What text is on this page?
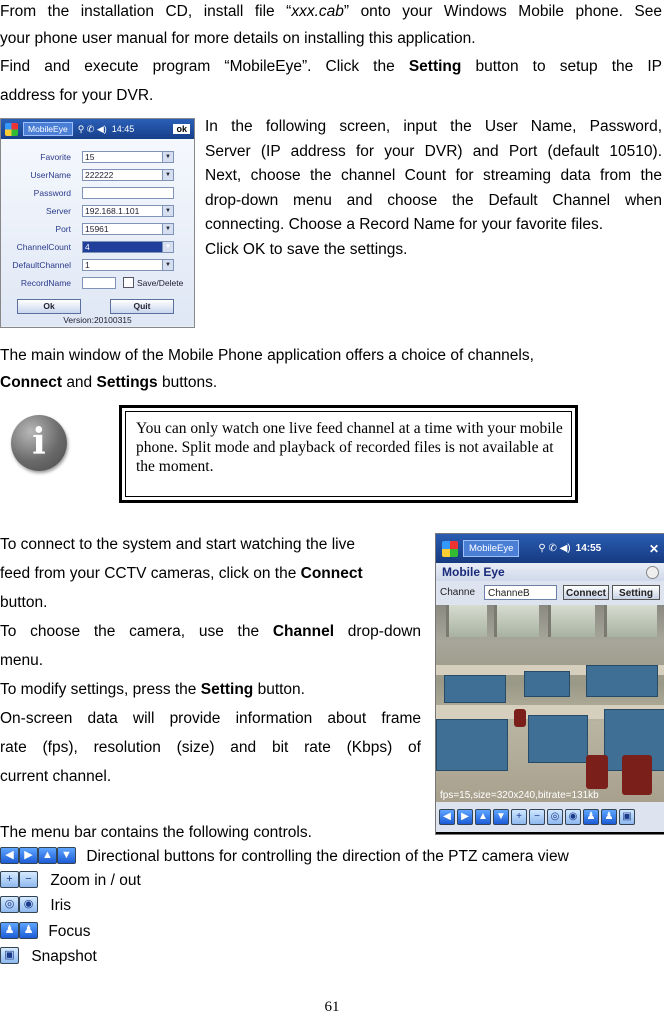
From the installation CD, install file “xxx.cab” onto your Windows Mobile phone. See

your phone user manual for more details on installing this application.

Find and execute program “MobileEye”. Click the Setting button to setup the IP

address for your DVR.

MobileEye	⚲ ✆ ◀) 14:45	ok
Favorite	15	▼
UserName	222222	▼
Password
Server	192.168.1.101	▼
Port	15961	▼
ChannelCount	4	▼
DefaultChannel	1	▼
RecordName	Save/Delete
Ok	Quit
Version:20100315

In the following screen, input the User Name, Password,

Server (IP address for your DVR) and Port (default 10510).

Next, choose the channel Count for streaming data from the

drop-down menu and choose the Default Channel when

connecting. Choose a Record Name for your favorite files.

Click OK to save the settings.

The main window of the Mobile Phone application offers a choice of channels,

Connect and Settings buttons.

i	You can only watch one live feed channel at a time with your mobile phone. Split mode and playback of recorded files is not available at the moment.

To connect to the system and start watching the live

feed from your CCTV cameras, click on the Connect

button.

To choose the camera, use the Channel drop-down

menu.

To modify settings, press the Setting button.

On-screen data will provide information about frame

rate (fps), resolution (size) and bit rate (Kbps) of

current channel.

MobileEye	⚲ ✆ ◀) 14:55	✕
Mobile Eye
Channe	ChanneB	Connect	Setting
fps=15,size=320x240,bitrate=131kb
◀	▶ ▲ ▼	+	−	◎ ◉ ♟ ♟ ▣

The menu bar contains the following controls.

◀ ▶ ▲ ▼ Directional buttons for controlling the direction of the PTZ camera view
+ − Zoom in / out
◎ ◉ Iris
♟ ♟ Focus
▣ Snapshot
61
